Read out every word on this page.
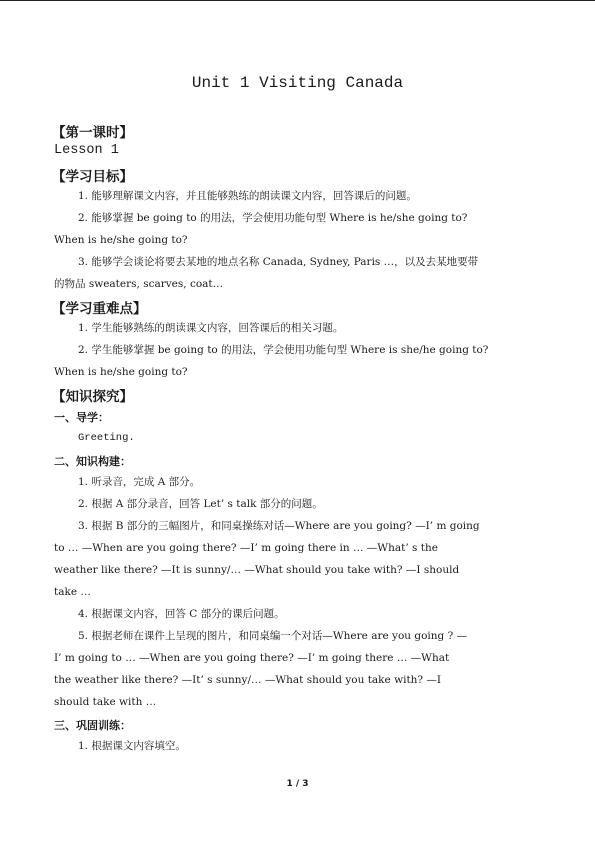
Unit 1 Visiting Canada
【第一课时】
Lesson 1
【学习目标】
1. 能够理解课文内容，并且能够熟练的朗读课文内容，回答课后的问题。
2. 能够掌握 be going to 的用法，学会使用功能句型 Where is he/she going to?
When is he/she going to?
3. 能够学会谈论将要去某地的地点名称 Canada, Sydney, Paris …，以及去某地要带
的物品 sweaters, scarves, coat…
【学习重难点】
1. 学生能够熟练的朗读课文内容，回答课后的相关习题。
2. 学生能够掌握 be going to 的用法，学会使用功能句型 Where is she/he going to?
When is he/she going to?
【知识探究】
一、导学：
Greeting.
二、知识构建：
1. 听录音，完成 A 部分。
2. 根据 A 部分录音，回答 Let’ s talk 部分的问题。
3. 根据 B 部分的三幅图片，和同桌操练对话—Where are you going? —I’ m going
to … —When are you going there? —I’ m going there in … —What’ s the
weather like there? —It is sunny/… —What should you take with? —I should
take …
4. 根据课文内容，回答 C 部分的课后问题。
5. 根据老师在课件上呈现的图片，和同桌编一个对话—Where are you going ? —
I’ m going to … —When are you going there? —I’ m going there … —What
the weather like there? —It’ s sunny/… —What should you take with? —I
should take with …
三、巩固训练：
1. 根据课文内容填空。
1 / 3
